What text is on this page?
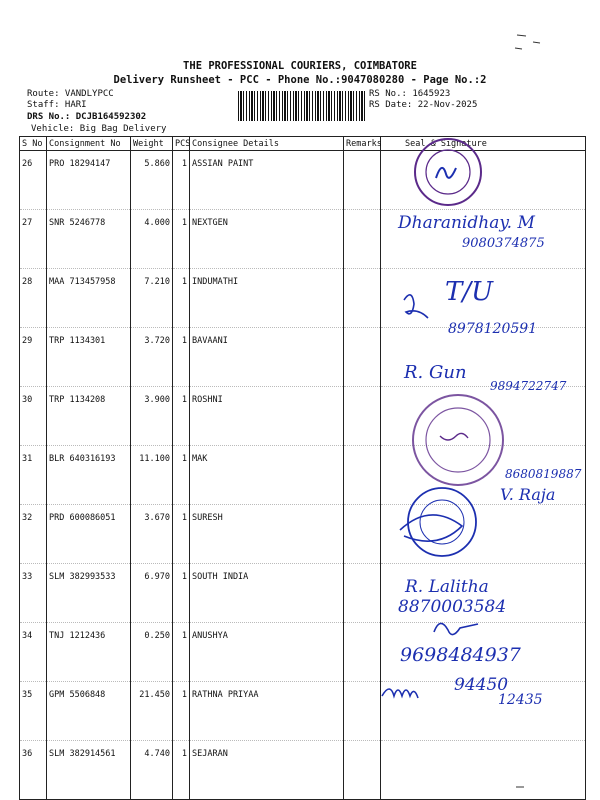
THE PROFESSIONAL COURIERS, COIMBATORE
Delivery Runsheet - PCC - Phone No.:9047080280 - Page No.:2
Route: VANDLYPCC
Staff: HARI
DRS No.: DCJB164592302
Vehicle: Big Bag Delivery
RS No.: 1645923
RS Date: 22-Nov-2025
S No	Consignment No	Weight	PCS	Consignee Details	Remarks	Seal & Signature
26	PRO 18294147	5.860	1	ASSIAN PAINT		
27	SNR 5246778	4.000	1	NEXTGEN		
28	MAA 713457958	7.210	1	INDUMATHI		
29	TRP 1134301	3.720	1	BAVAANI		
30	TRP 1134208	3.900	1	ROSHNI		
31	BLR 640316193	11.100	1	MAK		
32	PRD 600086051	3.670	1	SURESH		
33	SLM 382993533	6.970	1	SOUTH INDIA		
34	TNJ 1212436	0.250	1	ANUSHYA		
35	GPM 5506848	21.450	1	RATHNA PRIYAA		
36	SLM 382914561	4.740	1	SEJARAN		
Dharanidhay. M
9080374875
T/U
8978120591
R. Gun
9894722747
8680819887
V. Raja
R. Lalitha
8870003584
9698484937
94450
12435
